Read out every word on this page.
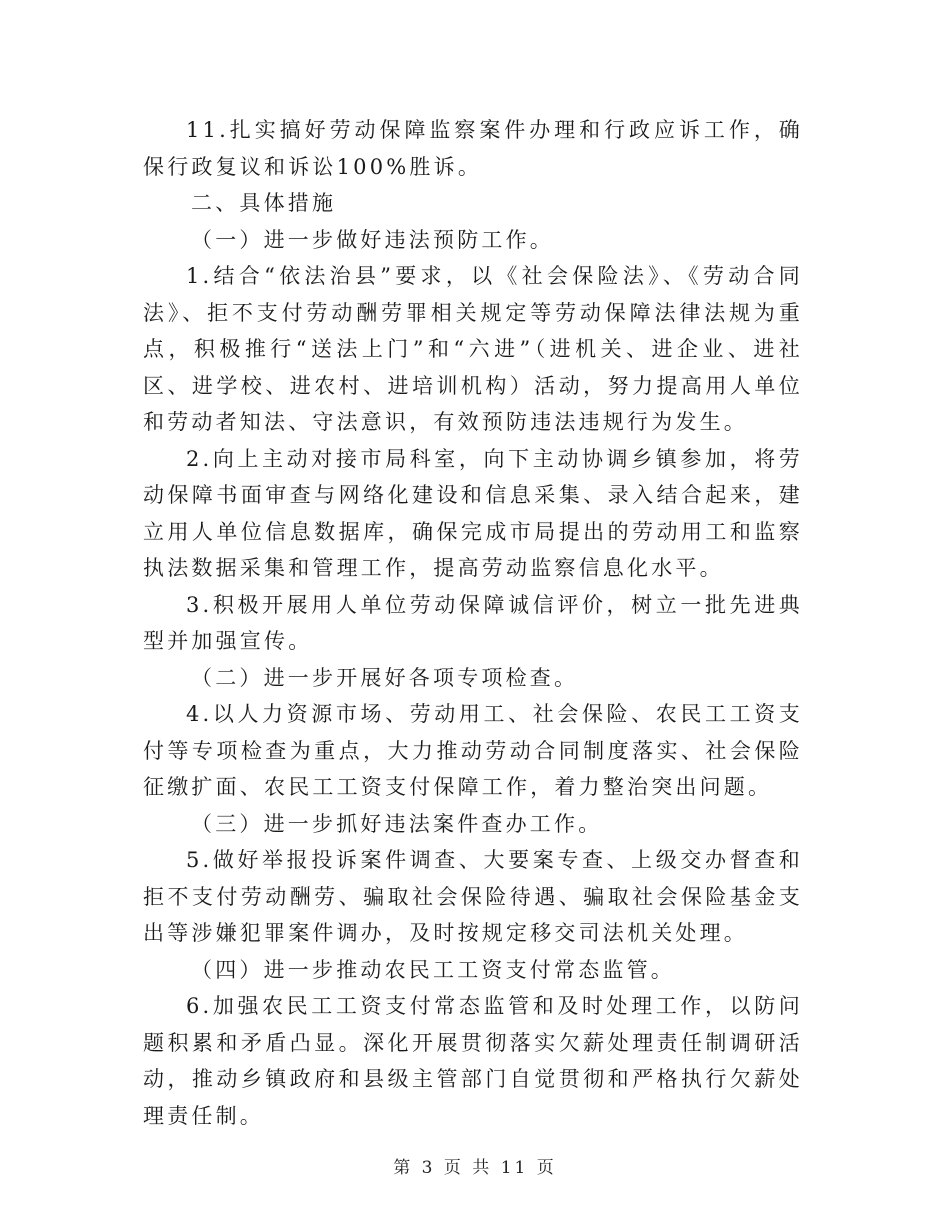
11.扎实搞好劳动保障监察案件办理和行政应诉工作，确保行政复议和诉讼100%胜诉。

二、具体措施

（一）进一步做好违法预防工作。

1.结合“依法治县”要求，以《社会保险法》、《劳动合同法》、拒不支付劳动酬劳罪相关规定等劳动保障法律法规为重点，积极推行“送法上门”和“六进”（进机关、进企业、进社区、进学校、进农村、进培训机构）活动，努力提高用人单位和劳动者知法、守法意识，有效预防违法违规行为发生。

2.向上主动对接市局科室，向下主动协调乡镇参加，将劳动保障书面审查与网络化建设和信息采集、录入结合起来，建立用人单位信息数据库，确保完成市局提出的劳动用工和监察执法数据采集和管理工作，提高劳动监察信息化水平。

3.积极开展用人单位劳动保障诚信评价，树立一批先进典型并加强宣传。

（二）进一步开展好各项专项检查。

4.以人力资源市场、劳动用工、社会保险、农民工工资支付等专项检查为重点，大力推动劳动合同制度落实、社会保险征缴扩面、农民工工资支付保障工作，着力整治突出问题。

（三）进一步抓好违法案件查办工作。

5.做好举报投诉案件调查、大要案专查、上级交办督查和拒不支付劳动酬劳、骗取社会保险待遇、骗取社会保险基金支出等涉嫌犯罪案件调办，及时按规定移交司法机关处理。

（四）进一步推动农民工工资支付常态监管。

6.加强农民工工资支付常态监管和及时处理工作，以防问题积累和矛盾凸显。深化开展贯彻落实欠薪处理责任制调研活动，推动乡镇政府和县级主管部门自觉贯彻和严格执行欠薪处理责任制。

第 3 页 共 11 页
